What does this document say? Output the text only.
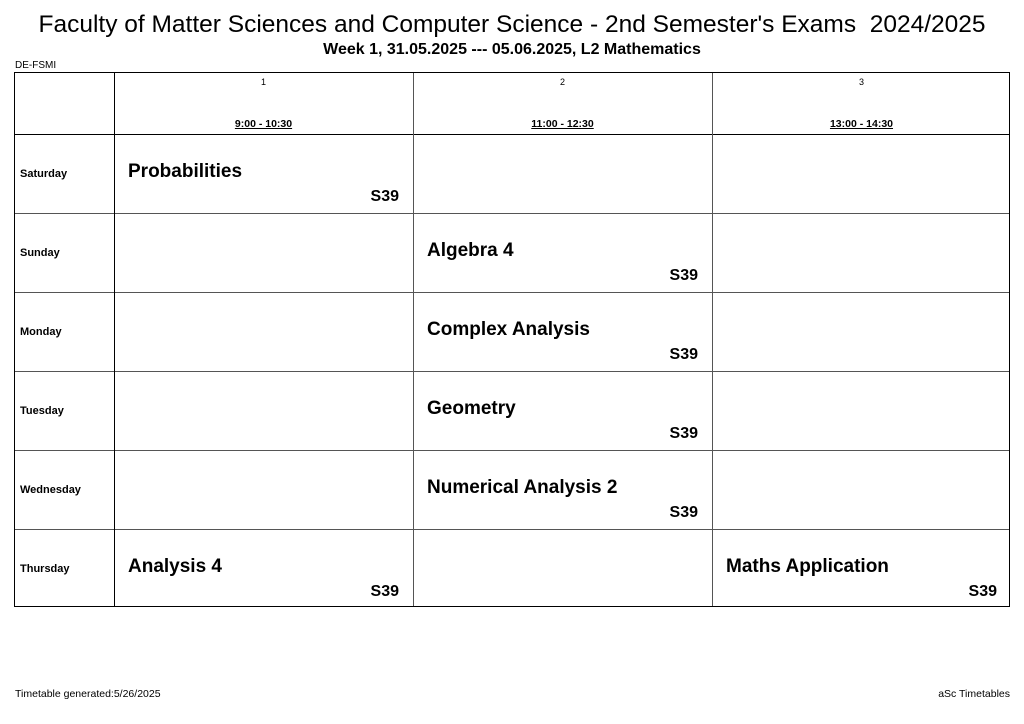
Faculty of Matter Sciences and Computer Science - 2nd Semester's Exams  2024/2025
Week 1, 31.05.2025 --- 05.06.2025, L2 Mathematics
DE-FSMI
1
9:00 - 10:30
2
11:00 - 12:30
3
13:00 - 14:30
Saturday
Sunday
Monday
Tuesday
Wednesday
Thursday
Probabilities
S39
Algebra 4
S39
Complex Analysis
S39
Geometry
S39
Numerical Analysis 2
S39
Analysis 4
S39
Maths Application
S39
Timetable generated:5/26/2025	aSc Timetables
